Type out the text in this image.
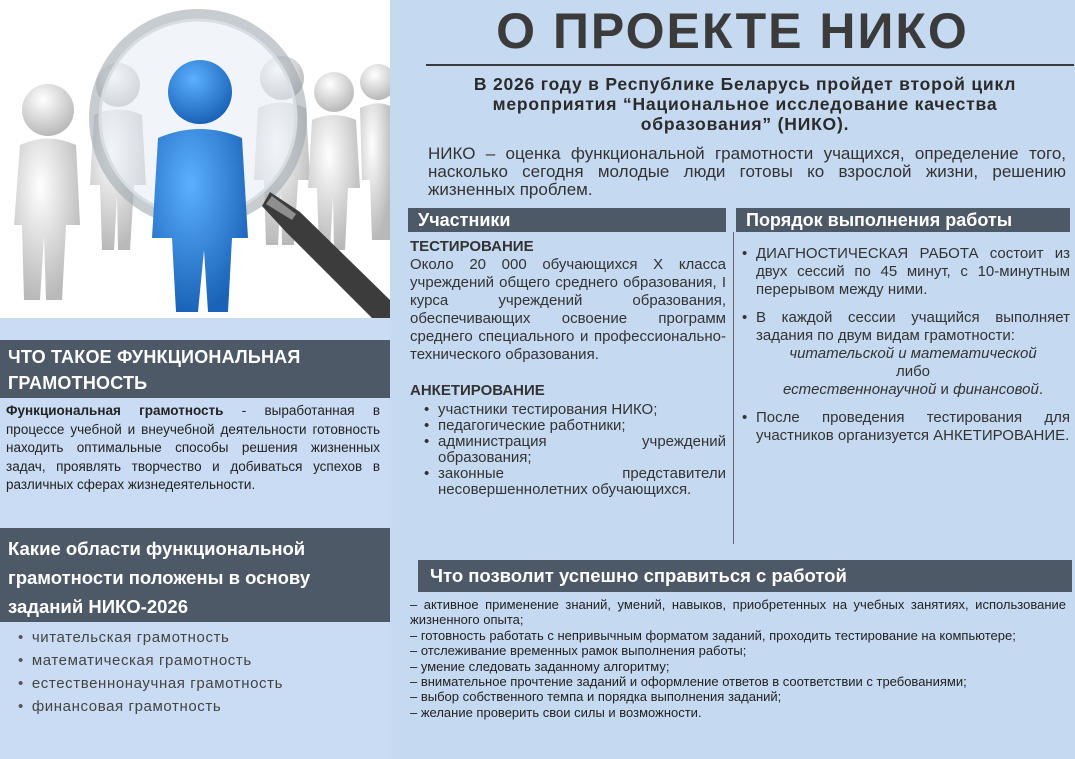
ЧТО ТАКОЕ ФУНКЦИОНАЛЬНАЯ ГРАМОТНОСТЬ
Функциональная грамотность - выработанная в процессе учебной и внеучебной деятельности готовность находить оптимальные способы решения жизненных задач, проявлять творчество и добиваться успехов в различных сферах жизнедеятельности.
Какие области функциональной грамотности положены в основу заданий НИКО-2026
• читательская грамотность
• математическая грамотность
• естественнонаучная грамотность
• финансовая грамотность
О ПРОЕКТЕ НИКО
В 2026 году в Республике Беларусь пройдет второй цикл мероприятия “Национальное исследование качества образования” (НИКО).
НИКО – оценка функциональной грамотности учащихся, определение того, насколько сегодня молодые люди готовы ко взрослой жизни, решению жизненных проблем.
Участники	Порядок выполнения работы
ТЕСТИРОВАНИЕ

Около 20 000 обучающихся X класса учреждений общего среднего образования, I курса учреждений образования, обеспечивающих освоение программ среднего специального и профессионально-технического образования.

АНКЕТИРОВАНИЕ
• участники тестирования НИКО;
• педагогические работники;
• администрация учреждений образования;
• законные представители несовершеннолетних обучающихся.
• ДИАГНОСТИЧЕСКАЯ РАБОТА состоит из двух сессий по 45 минут, с 10-минутным перерывом между ними.
• В каждой сессии учащийся выполняет задания по двум видам грамотности:
читательской и математической
либо
естественнонаучной и финансовой.
• После проведения тестирования для участников организуется АНКЕТИРОВАНИЕ.
Что позволит успешно справиться с работой
– активное применение знаний, умений, навыков, приобретенных на учебных занятиях, использование жизненного опыта;
– готовность работать с непривычным форматом заданий, проходить тестирование на компьютере;
– отслеживание временных рамок выполнения работы;
– умение следовать заданному алгоритму;
– внимательное прочтение заданий и оформление ответов в соответствии с требованиями;
– выбор собственного темпа и порядка выполнения заданий;
– желание проверить свои силы и возможности.
